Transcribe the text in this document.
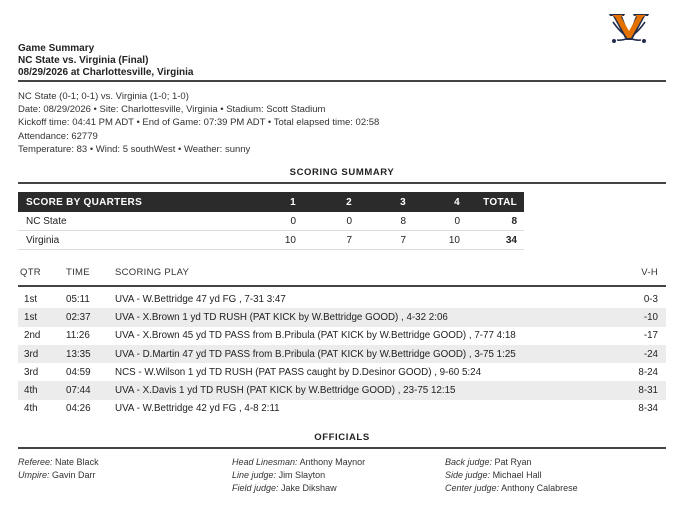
Game Summary
NC State vs. Virginia (Final)
08/29/2026 at Charlottesville, Virginia
NC State (0-1; 0-1) vs. Virginia (1-0; 1-0)
Date: 08/29/2026 • Site: Charlottesville, Virginia • Stadium: Scott Stadium
Kickoff time: 04:41 PM ADT • End of Game: 07:39 PM ADT • Total elapsed time: 02:58
Attendance: 62779
Temperature: 83 • Wind: 5 southWest • Weather: sunny
SCORING SUMMARY
SCORE BY QUARTERS	1	2	3	4	TOTAL
NC State	0	0	8	0	8
Virginia	10	7	7	10	34
QTR	TIME	SCORING PLAY	V-H
1st	05:11	UVA - W.Bettridge 47 yd FG , 7-31 3:47	0-3
1st	02:37 UVA - X.Brown 1 yd TD RUSH (PAT KICK by W.Bettridge GOOD) , 4-32 2:06	-10
2nd	11:26	UVA - X.Brown 45 yd TD PASS from B.Pribula (PAT KICK by W.Bettridge GOOD) , 7-77 4:18	-17
3rd	13:35 UVA - D.Martin 47 yd TD PASS from B.Pribula (PAT KICK by W.Bettridge GOOD) , 3-75 1:25	-24
3rd	04:59 NCS - W.Wilson 1 yd TD RUSH (PAT PASS caught by D.Desinor GOOD) , 9-60 5:24	8-24
4th	07:44 UVA - X.Davis 1 yd TD RUSH (PAT KICK by W.Bettridge GOOD) , 23-75 12:15	8-31
4th	04:26 UVA - W.Bettridge 42 yd FG , 4-8 2:11	8-34
OFFICIALS
Referee: Nate Black
Umpire: Gavin Darr
Head Linesman: Anthony Maynor
Line judge: Jim Slayton
Field judge: Jake Dikshaw
Back judge: Pat Ryan
Side judge: Michael Hall
Center judge: Anthony Calabrese
